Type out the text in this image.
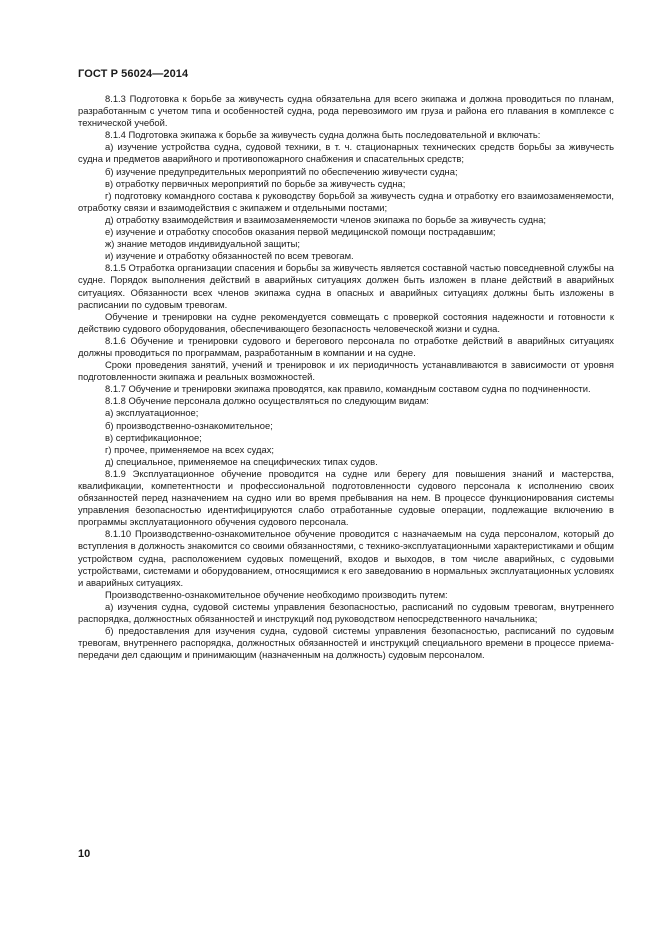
ГОСТ Р 56024—2014

8.1.3 Подготовка к борьбе за живучесть судна обязательна для всего экипажа и должна проводиться по планам, разработанным с учетом типа и особенностей судна, рода перевозимого им груза и района его плавания в комплексе с технической учебой.

8.1.4 Подготовка экипажа к борьбе за живучесть судна должна быть последовательной и включать:

а) изучение устройства судна, судовой техники, в т. ч. стационарных технических средств борьбы за живучесть судна и предметов аварийного и противопожарного снабжения и спасательных средств;

б) изучение предупредительных мероприятий по обеспечению живучести судна;

в) отработку первичных мероприятий по борьбе за живучесть судна;

г) подготовку командного состава к руководству борьбой за живучесть судна и отработку его взаимозаменяемости, отработку связи и взаимодействия с экипажем и отдельными постами;

д) отработку взаимодействия и взаимозаменяемости членов экипажа по борьбе за живучесть судна;

е) изучение и отработку способов оказания первой медицинской помощи пострадавшим;

ж) знание методов индивидуальной защиты;

и) изучение и отработку обязанностей по всем тревогам.

8.1.5 Отработка организации спасения и борьбы за живучесть является составной частью повседневной службы на судне. Порядок выполнения действий в аварийных ситуациях должен быть изложен в плане действий в аварийных ситуациях. Обязанности всех членов экипажа судна в опасных и аварийных ситуациях должны быть изложены в расписании по судовым тревогам.

Обучение и тренировки на судне рекомендуется совмещать с проверкой состояния надежности и готовности к действию судового оборудования, обеспечивающего безопасность человеческой жизни и судна.

8.1.6 Обучение и тренировки судового и берегового персонала по отработке действий в аварийных ситуациях должны проводиться по программам, разработанным в компании и на судне.

Сроки проведения занятий, учений и тренировок и их периодичность устанавливаются в зависимости от уровня подготовленности экипажа и реальных возможностей.

8.1.7 Обучение и тренировки экипажа проводятся, как правило, командным составом судна по подчиненности.

8.1.8 Обучение персонала должно осуществляться по следующим видам:

а) эксплуатационное;

б) производственно-ознакомительное;

в) сертификационное;

г) прочее, применяемое на всех судах;

д) специальное, применяемое на специфических типах судов.

8.1.9 Эксплуатационное обучение проводится на судне или берегу для повышения знаний и мастерства, квалификации, компетентности и профессиональной подготовленности судового персонала к исполнению своих обязанностей перед назначением на судно или во время пребывания на нем. В процессе функционирования системы управления безопасностью идентифицируются слабо отработанные судовые операции, подлежащие включению в программы эксплуатационного обучения судового персонала.

8.1.10 Производственно-ознакомительное обучение проводится с назначаемым на суда персоналом, который до вступления в должность знакомится со своими обязанностями, с технико-эксплуатационными характеристиками и общим устройством судна, расположением судовых помещений, входов и выходов, в том числе аварийных, с судовыми устройствами, системами и оборудованием, относящимися к его заведованию в нормальных эксплуатационных условиях и аварийных ситуациях.

Производственно-ознакомительное обучение необходимо производить путем:

а) изучения судна, судовой системы управления безопасностью, расписаний по судовым тревогам, внутреннего распорядка, должностных обязанностей и инструкций под руководством непосредственного начальника;

б) предоставления для изучения судна, судовой системы управления безопасностью, расписаний по судовым тревогам, внутреннего распорядка, должностных обязанностей и инструкций специального времени в процессе приема-передачи дел сдающим и принимающим (назначенным на должность) судовым персоналом.

10
